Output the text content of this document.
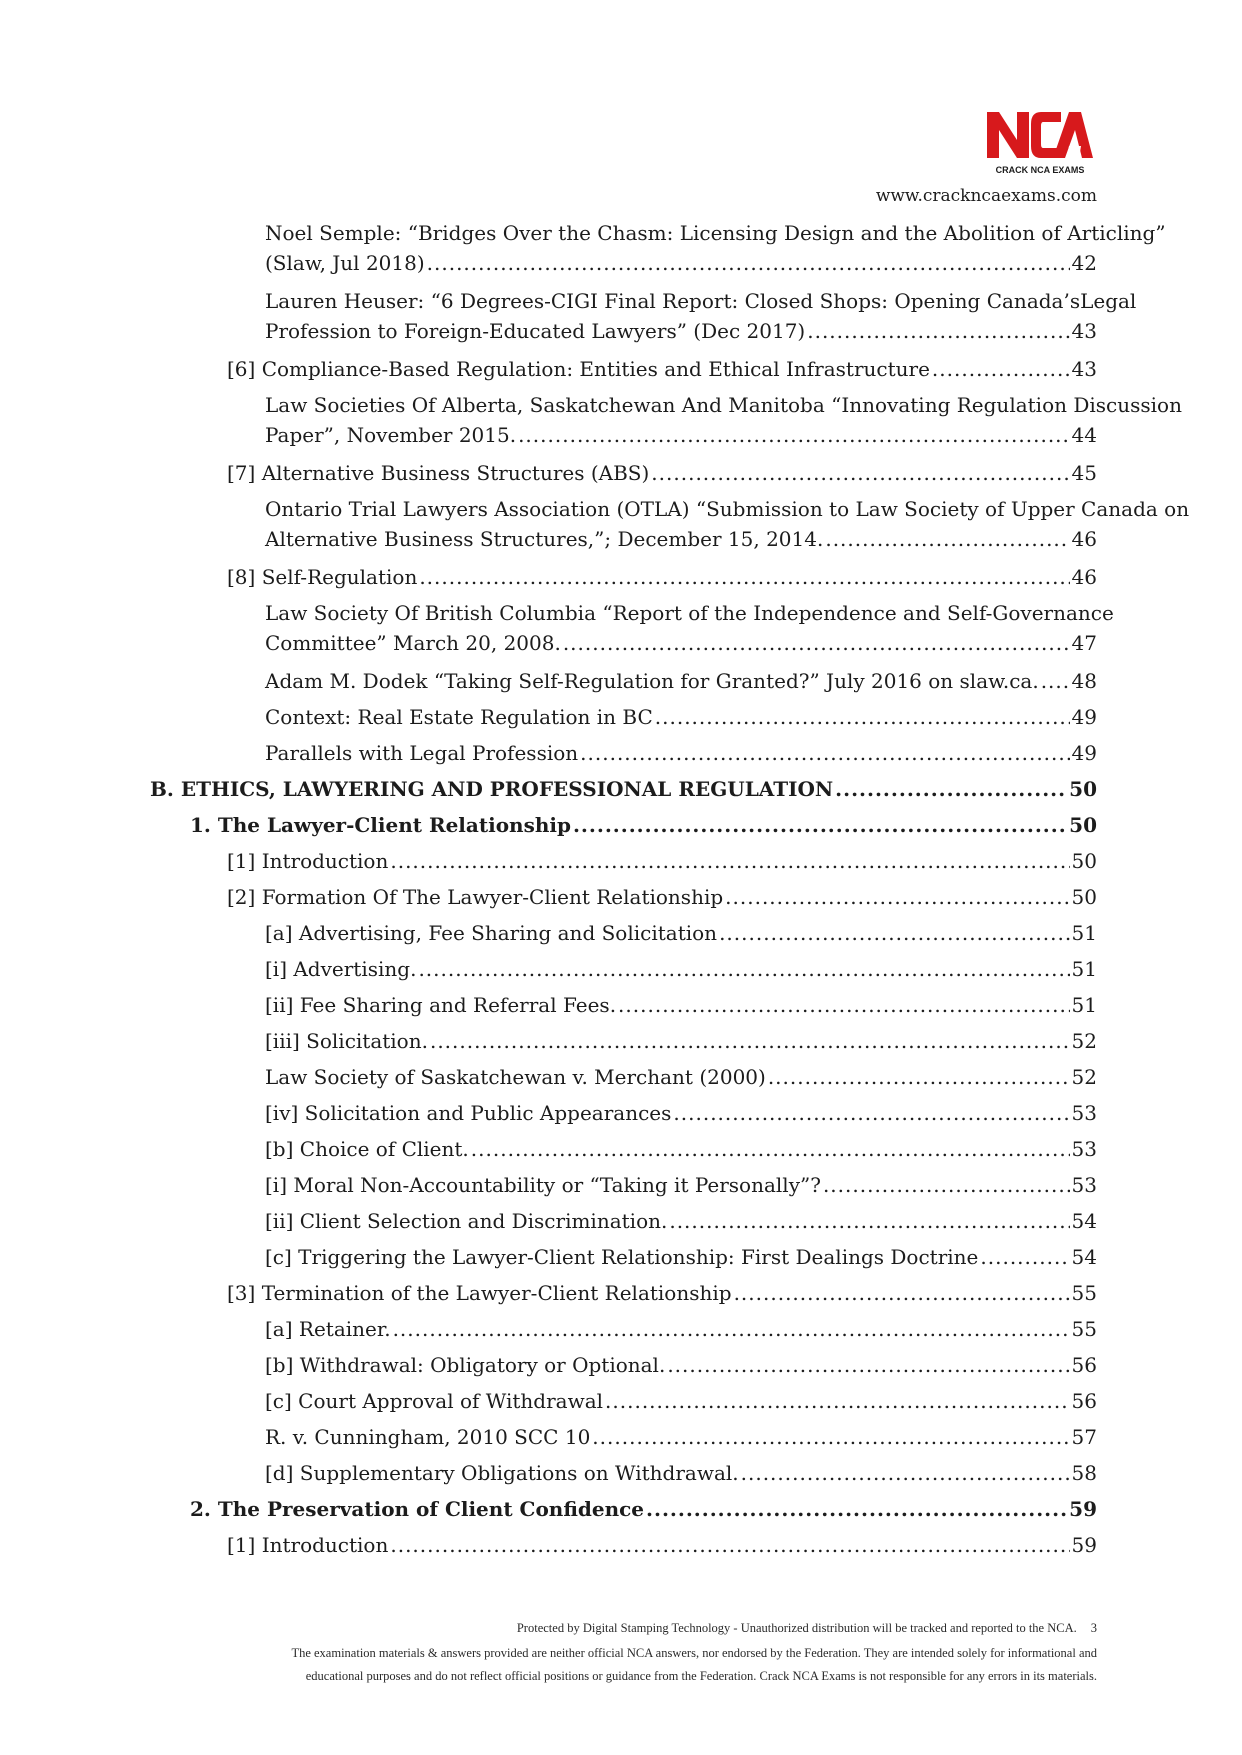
CRACK NCA EXAMS
www.crackncaexams.com
Noel Semple: “Bridges Over the Chasm: Licensing Design and the Abolition of Articling”
(Slaw, Jul 2018) .....	42
Lauren Heuser: “6 Degrees-CIGI Final Report: Closed Shops: Opening Canada’sLegal
Profession to Foreign-Educated Lawyers” (Dec 2017) .....	43
[6] Compliance-Based Regulation: Entities and Ethical Infrastructure .....	43
Law Societies Of Alberta, Saskatchewan And Manitoba “Innovating Regulation Discussion
Paper”, November 2015. .....	44
[7] Alternative Business Structures (ABS) .....	45
Ontario Trial Lawyers Association (OTLA) “Submission to Law Society of Upper Canada on
Alternative Business Structures,”; December 15, 2014. .....	46
[8] Self-Regulation .....	46
Law Society Of British Columbia “Report of the Independence and Self-Governance
Committee” March 20, 2008. .....	47
Adam M. Dodek “Taking Self-Regulation for Granted?” July 2016 on slaw.ca. ..... 48
Context: Real Estate Regulation in BC .....	49
Parallels with Legal Profession .....	49
B. ETHICS, LAWYERING AND PROFESSIONAL REGULATION .....	50
1. The Lawyer-Client Relationship .....	50
[1] Introduction .....	50
[2] Formation Of The Lawyer-Client Relationship .....	50
[a] Advertising, Fee Sharing and Solicitation .....	51
[i] Advertising. .....	51
[ii] Fee Sharing and Referral Fees. .....	51
[iii] Solicitation. .....	52
Law Society of Saskatchewan v. Merchant (2000) .....	52
[iv] Solicitation and Public Appearances .....	53
[b] Choice of Client. .....	53
[i] Moral Non-Accountability or “Taking it Personally”? .....	53
[ii] Client Selection and Discrimination. .....	54
[c] Triggering the Lawyer-Client Relationship: First Dealings Doctrine .....	54
[3] Termination of the Lawyer-Client Relationship .....	55
[a] Retainer. .....	55
[b] Withdrawal: Obligatory or Optional. .....	56
[c] Court Approval of Withdrawal .....	56
R. v. Cunningham, 2010 SCC 10 .....	57
[d] Supplementary Obligations on Withdrawal. .....	58
2. The Preservation of Client Confidence .....	59
[1] Introduction .....	59
Protected by Digital Stamping Technology - Unauthorized distribution will be tracked and reported to the NCA. 3
The examination materials & answers provided are neither official NCA answers, nor endorsed by the Federation. They are intended solely for informational and
educational purposes and do not reflect official positions or guidance from the Federation. Crack NCA Exams is not responsible for any errors in its materials.
